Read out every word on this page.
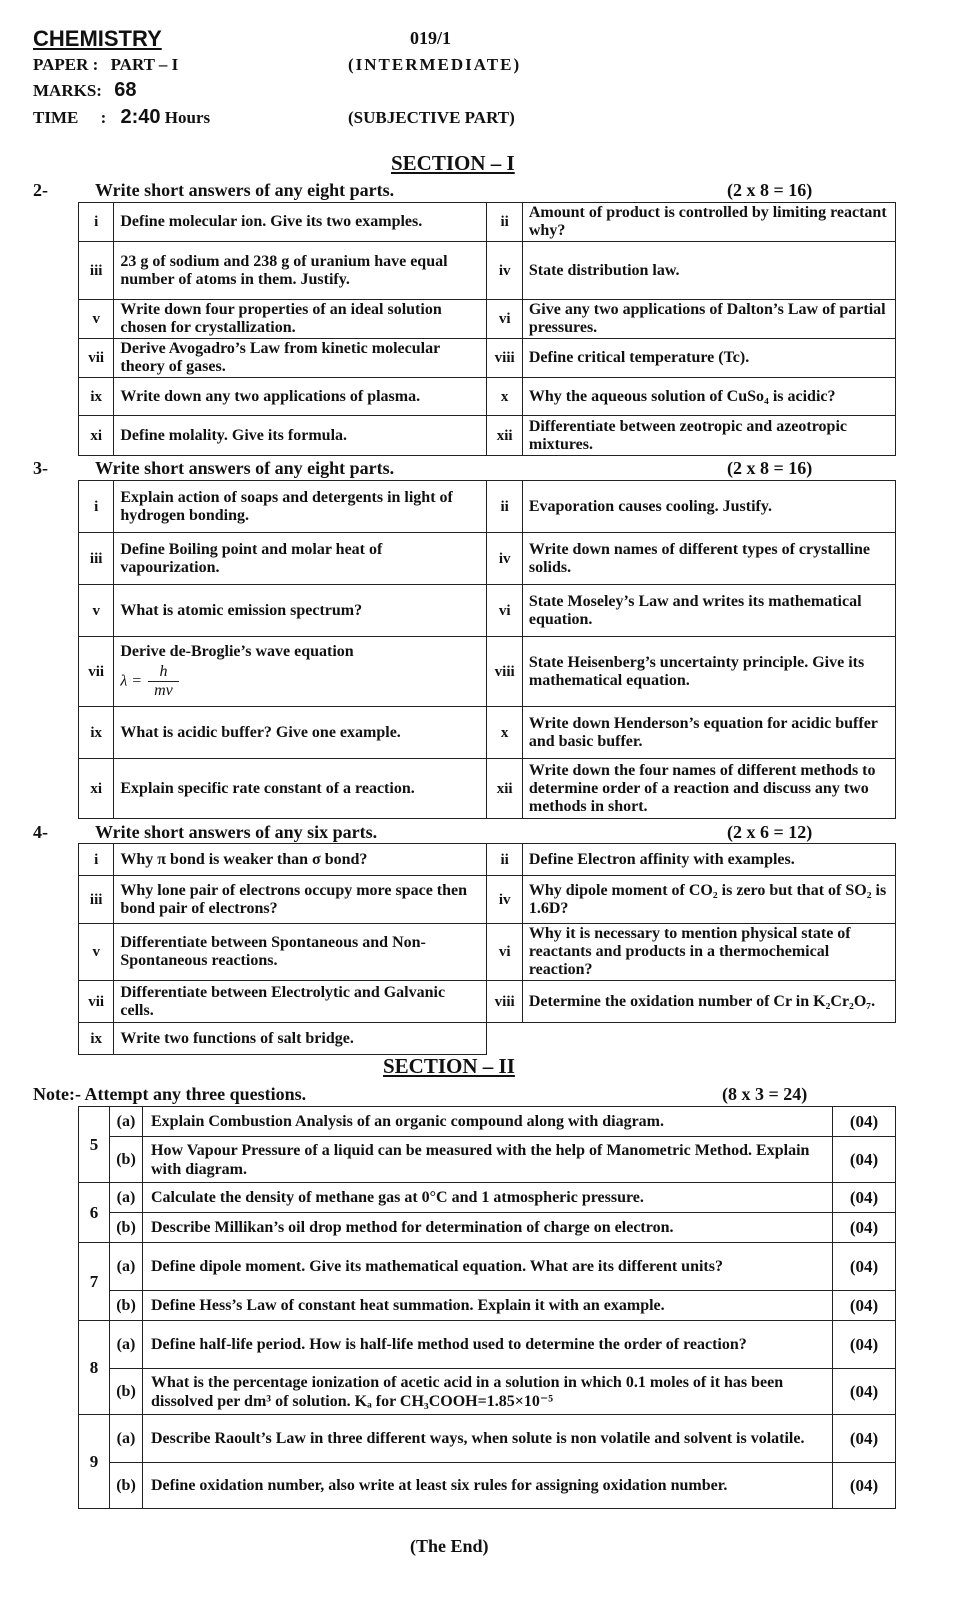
CHEMISTRY	019/1
PAPER : PART – I	(INTERMEDIATE)
MARKS: 68
TIME : 2:40 Hours	(SUBJECTIVE PART)
SECTION – I
2-	Write short answers of any eight parts.	(2 x 8 = 16)
i	Define molecular ion. Give its two examples.	ii	Amount of product is controlled by limiting reactant why?
iii	23 g of sodium and 238 g of uranium have equal number of atoms in them. Justify.	iv	State distribution law.
v	Write down four properties of an ideal solution chosen for crystallization.	vi	Give any two applications of Dalton’s Law of partial pressures.
vii	Derive Avogadro’s Law from kinetic molecular theory of gases.	viii	Define critical temperature (Tc).
ix	Write down any two applications of plasma.	x	Why the aqueous solution of CuSo₄ is acidic?
xi	Define molality. Give its formula.	xii	Differentiate between zeotropic and azeotropic mixtures.
3-	Write short answers of any eight parts.	(2 x 8 = 16)
i	Explain action of soaps and detergents in light of hydrogen bonding.	ii	Evaporation causes cooling. Justify.
iii	Define Boiling point and molar heat of vapourization.	iv	Write down names of different types of crystalline solids.
v	What is atomic emission spectrum?	vi	State Moseley’s Law and writes its mathematical equation.
vii	Derive de-Broglie’s wave equation
$\lambda = \frac{h}{mv}$	viii	State Heisenberg’s uncertainty principle. Give its mathematical equation.
ix	What is acidic buffer? Give one example.	x	Write down Henderson’s equation for acidic buffer and basic buffer.
xi	Explain specific rate constant of a reaction.	xii	Write down the four names of different methods to determine order of a reaction and discuss any two methods in short.
4-	Write short answers of any six parts.	(2 x 6 = 12)
i	Why π bond is weaker than σ bond?	ii	Define Electron affinity with examples.
iii	Why lone pair of electrons occupy more space then bond pair of electrons?	iv	Why dipole moment of CO₂ is zero but that of SO₂ is 1.6D?
v	Differentiate between Spontaneous and Non-Spontaneous reactions.	vi	Why it is necessary to mention physical state of reactants and products in a thermochemical reaction?
vii	Differentiate between Electrolytic and Galvanic cells.	viii	Determine the oxidation number of Cr in K₂Cr₂O₇.
ix	Write two functions of salt bridge.		
SECTION – II
Note:- Attempt any three questions.	(8 x 3 = 24)
5	(a)	Explain Combustion Analysis of an organic compound along with diagram.	(04)
	(b)	How Vapour Pressure of a liquid can be measured with the help of Manometric Method. Explain with diagram.	(04)
6	(a)	Calculate the density of methane gas at 0°C and 1 atmospheric pressure.	(04)
	(b)	Describe Millikan’s oil drop method for determination of charge on electron.	(04)
7	(a)	Define dipole moment. Give its mathematical equation. What are its different units?	(04)
	(b)	Define Hess’s Law of constant heat summation. Explain it with an example.	(04)
8	(a)	Define half-life period. How is half-life method used to determine the order of reaction?	(04)
	(b)	What is the percentage ionization of acetic acid in a solution in which 0.1 moles of it has been dissolved per dm³ of solution. Kₐ for CH₃COOH=1.85×10⁻⁵	(04)
9	(a)	Describe Raoult’s Law in three different ways, when solute is non volatile and solvent is volatile.	(04)
	(b)	Define oxidation number, also write at least six rules for assigning oxidation number.	(04)
(The End)
